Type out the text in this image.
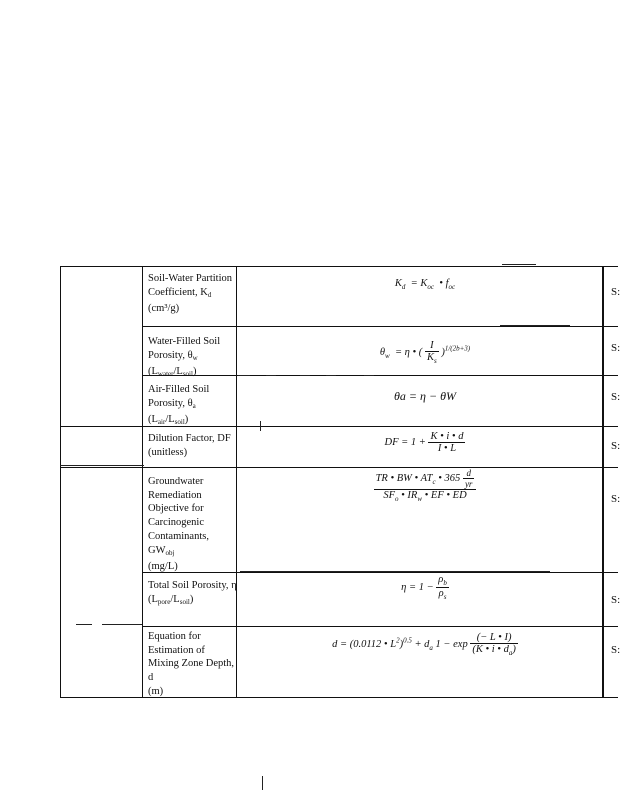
Soil-Water Partition Coefficient, $K_d$
(cm³/g)
$K_d = K_{oc}$  • $f_{oc}$	S:
Water-Filled Soil Porosity, $\theta_w$
$(L_{water}/L_{soil})$
$\theta_w = \eta$ • ( $\frac{I}{K_s} )^{1/(2b+3)}$	S:
Air-Filled Soil Porosity, $\theta_a$
$(L_{air}/L_{soil})$
θa = η − θW	S:
Dilution Factor, DF (unitless)
DF = $1 + \frac{K • i • d}{I • L}$	S:
Groundwater Remediation Objective for Carcinogenic Contaminants, $GW_{obj}$
(mg/L)
$\frac{TR • BW • AT_c • 365 \frac{d}{yr}}{SF_o • IR_w • EF • ED}$	S:
Total Soil Porosity, η
$(L_{pore}/L_{soil})$
$\eta = 1 - \frac{\rho_b}{\rho_s}$	S:
Equation for Estimation of Mixing Zone Depth, d
(m)
d = (0.0112 • $L^2)^{0.5} + d_a$ $1 - \exp \frac{(- L • I)}{(K • i • d_a)}$	S:
